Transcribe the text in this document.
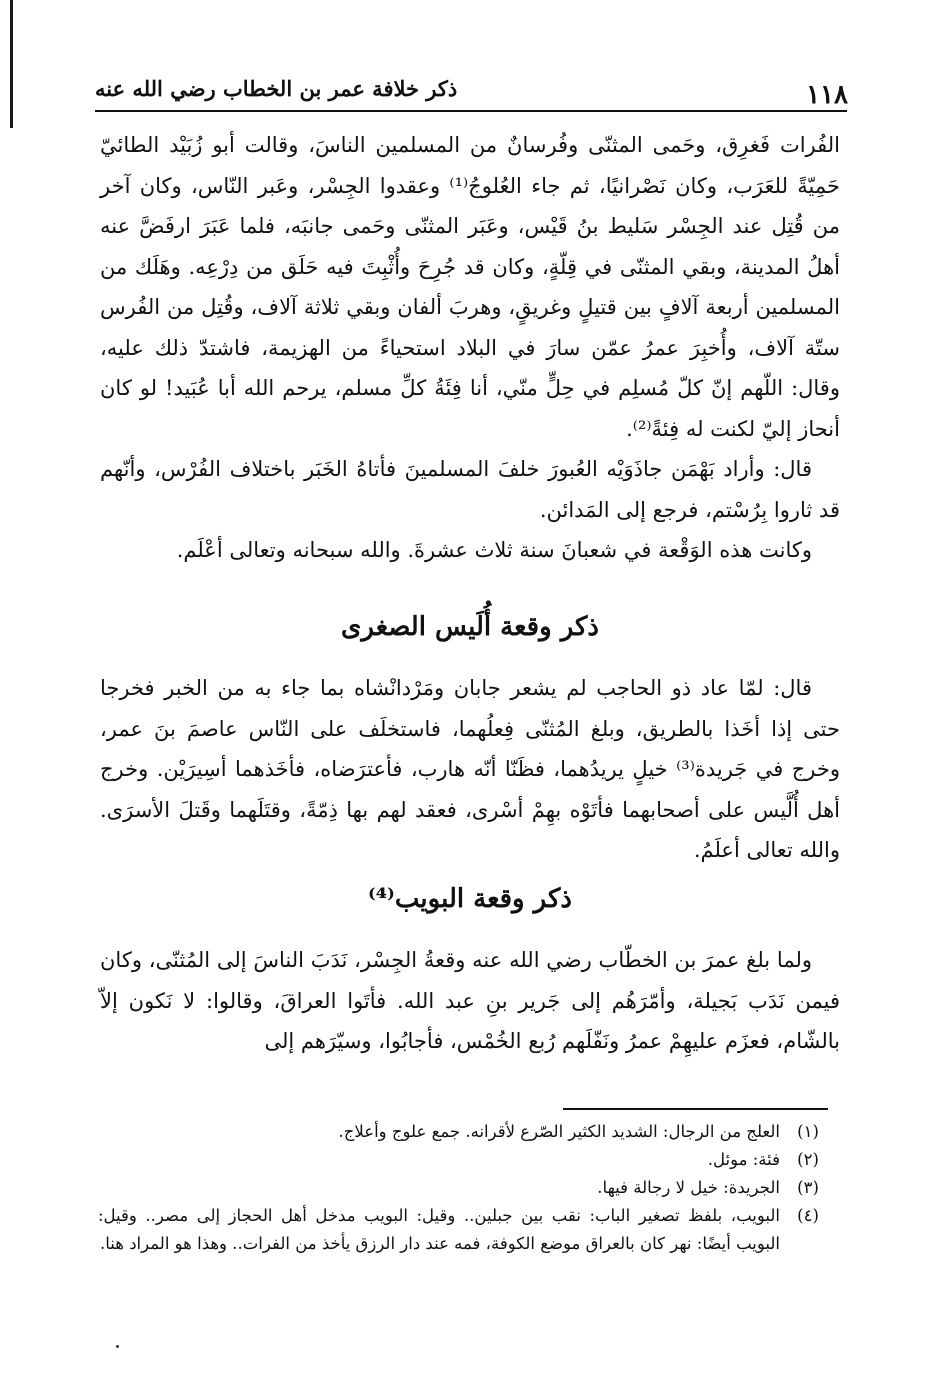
١١٨
ذكر خلافة عمر بن الخطاب رضي الله عنه

الفُرات فَغرِق، وحَمى المثنّى وفُرسانٌ من المسلمين الناسَ، وقالت أبو زُبَيْد الطائيّ حَمِيّةً للعَرَب، وكان نَصْرانيًا، ثم جاء العُلوجُ⁽¹⁾ وعقدوا الجِسْر، وعَبر النّاس، وكان آخر من قُتِل عند الجِسْر سَليط بنُ قَيْس، وعَبَر المثنّى وحَمى جانبَه، فلما عَبَرَ ارفَضَّ عنه أهلُ المدينة، وبقي المثنّى في قِلّةٍ، وكان قد جُرِحَ وأُثْبِتَ فيه حَلَق من دِرْعِه. وهَلَك من المسلمين أربعة آلافٍ بين قتيلٍ وغريقٍ، وهربَ ألفان وبقي ثلاثة آلاف، وقُتِل من الفُرس ستّة آلاف، وأُخبِرَ عمرُ عمّن سارَ في البلاد استحياءً من الهزيمة، فاشتدّ ذلك عليه، وقال: اللّهم إنّ كلّ مُسلِم في حِلٍّ منّي، أنا فِئَةُ كلِّ مسلم، يرحم الله أبا عُبَيد! لو كان أنحاز إليّ لكنت له فِئةً⁽²⁾.

قال: وأراد بَهْمَن جاذَوَيْه العُبورَ خلفَ المسلمينَ فأتاهُ الخَبَر باختلاف الفُرْس، وأنّهم قد ثاروا بِرُسْتم، فرجع إلى المَدائن.

وكانت هذه الوَقْعة في شعبانَ سنة ثلاث عشرةَ. والله سبحانه وتعالى أعْلَم.

ذكر وقعة أُلَيس الصغرى

قال: لمّا عاد ذو الحاجب لم يشعر جابان ومَرْدانْشاه بما جاء به من الخبر فخرجا حتى إذا أخَذا بالطريق، وبلغ المُثنّى فِعلُهما، فاستخلَف على النّاس عاصمَ بنَ عمر، وخرج في جَريدة⁽³⁾ خيلٍ يريدُهما، فظَنّا أنّه هارب، فأعترَضاه، فأخَذهما أسِيرَيْن. وخرج أهل أُلَّيس على أصحابهما فأتَوْه بهِمْ أسْرى، فعقد لهم بها ذِمّةً، وقتَلَهما وقَتلَ الأسرَى. والله تعالى أعلَمُ.

ذكر وقعة البويب⁽⁴⁾

ولما بلغ عمرَ بن الخطّاب رضي الله عنه وقعةُ الجِسْر، نَدَبَ الناسَ إلى المُثنّى، وكان فيمن نَدَب بَجيلة، وأمّرَهُم إلى جَرير بنِ عبد الله. فأتَوا العراقَ، وقالوا: لا نَكون إلاّ بالشّام، فعزَم عليهِمْ عمرُ ونَفّلَهم رُبع الخُمْس، فأجابُوا، وسيّرَهم إلى

(١)
العلج من الرجال: الشديد الكثير الصّرع لأقرانه. جمع علوج وأعلاج.
(٢)
فئة: موئل.
(٣)
الجريدة: خيل لا رجالة فيها.
(٤)
البويب، بلفظ تصغير الباب: نقب بين جبلين.. وقيل: البويب مدخل أهل الحجاز إلى مصر.. وقيل: البويب أيضًا: نهر كان بالعراق موضع الكوفة، فمه عند دار الرزق يأخذ من الفرات.. وهذا هو المراد هنا.
